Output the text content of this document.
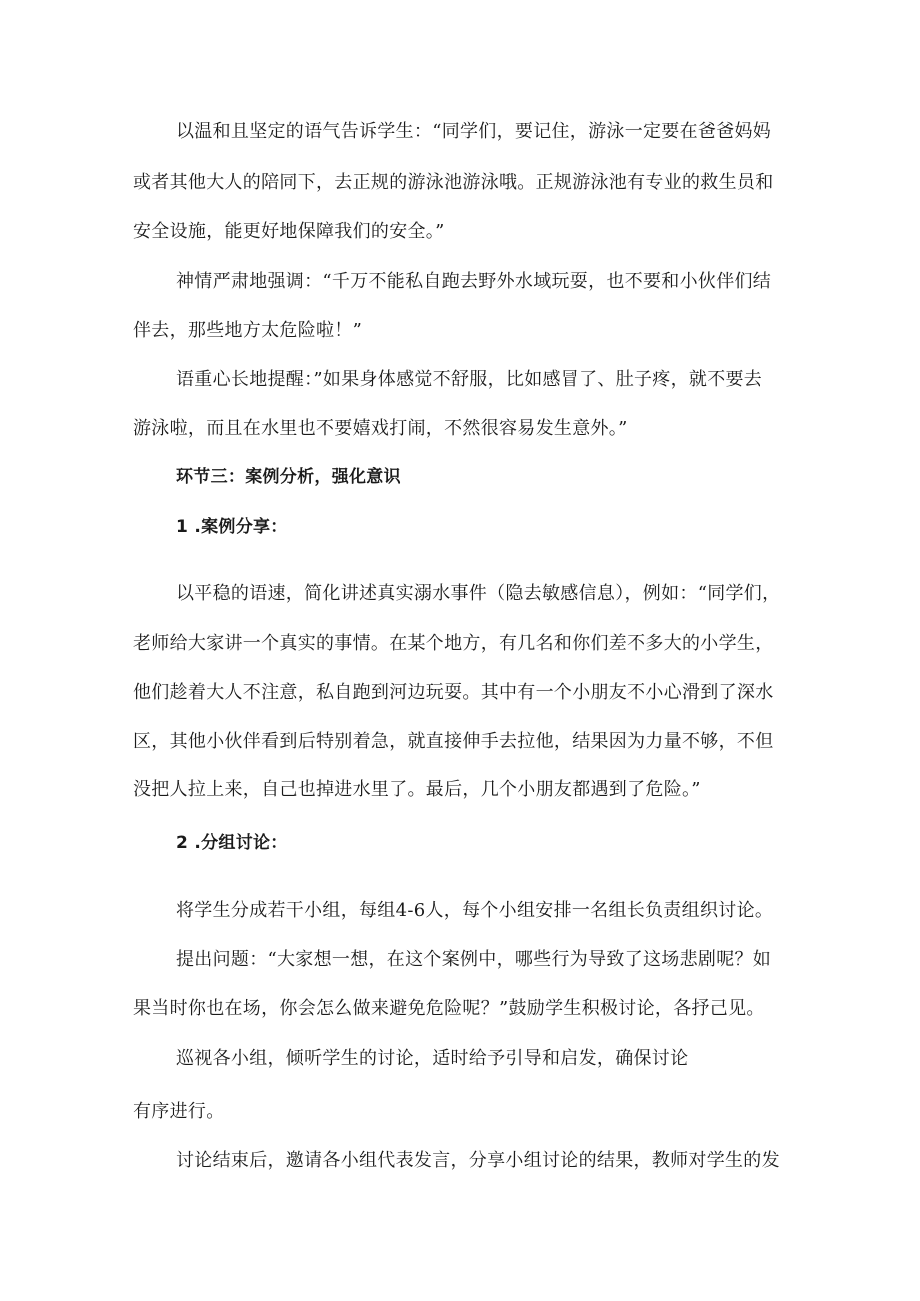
以温和且坚定的语气告诉学生：“同学们，要记住，游泳一定要在爸爸妈妈
或者其他大人的陪同下，去正规的游泳池游泳哦。正规游泳池有专业的救生员和
安全设施，能更好地保障我们的安全。”
神情严肃地强调：“千万不能私自跑去野外水域玩耍，也不要和小伙伴们结
伴去，那些地方太危险啦！”
语重心长地提醒：”如果身体感觉不舒服，比如感冒了、肚子疼，就不要去
游泳啦，而且在水里也不要嬉戏打闹，不然很容易发生意外。”
环节三：案例分析，强化意识
1 .案例分享：
以平稳的语速，简化讲述真实溺水事件（隐去敏感信息），例如：“同学们，
老师给大家讲一个真实的事情。在某个地方，有几名和你们差不多大的小学生，
他们趁着大人不注意，私自跑到河边玩耍。其中有一个小朋友不小心滑到了深水
区，其他小伙伴看到后特别着急，就直接伸手去拉他，结果因为力量不够，不但
没把人拉上来，自己也掉进水里了。最后，几个小朋友都遇到了危险。”
2 .分组讨论：
将学生分成若干小组，每组4-6人，每个小组安排一名组长负责组织讨论。
提出问题：“大家想一想，在这个案例中，哪些行为导致了这场悲剧呢？如
果当时你也在场，你会怎么做来避免危险呢？”鼓励学生积极讨论，各抒己见。
巡视各小组，倾听学生的讨论，适时给予引导和启发，确保讨论
有序进行。
讨论结束后，邀请各小组代表发言，分享小组讨论的结果，教师对学生的发
